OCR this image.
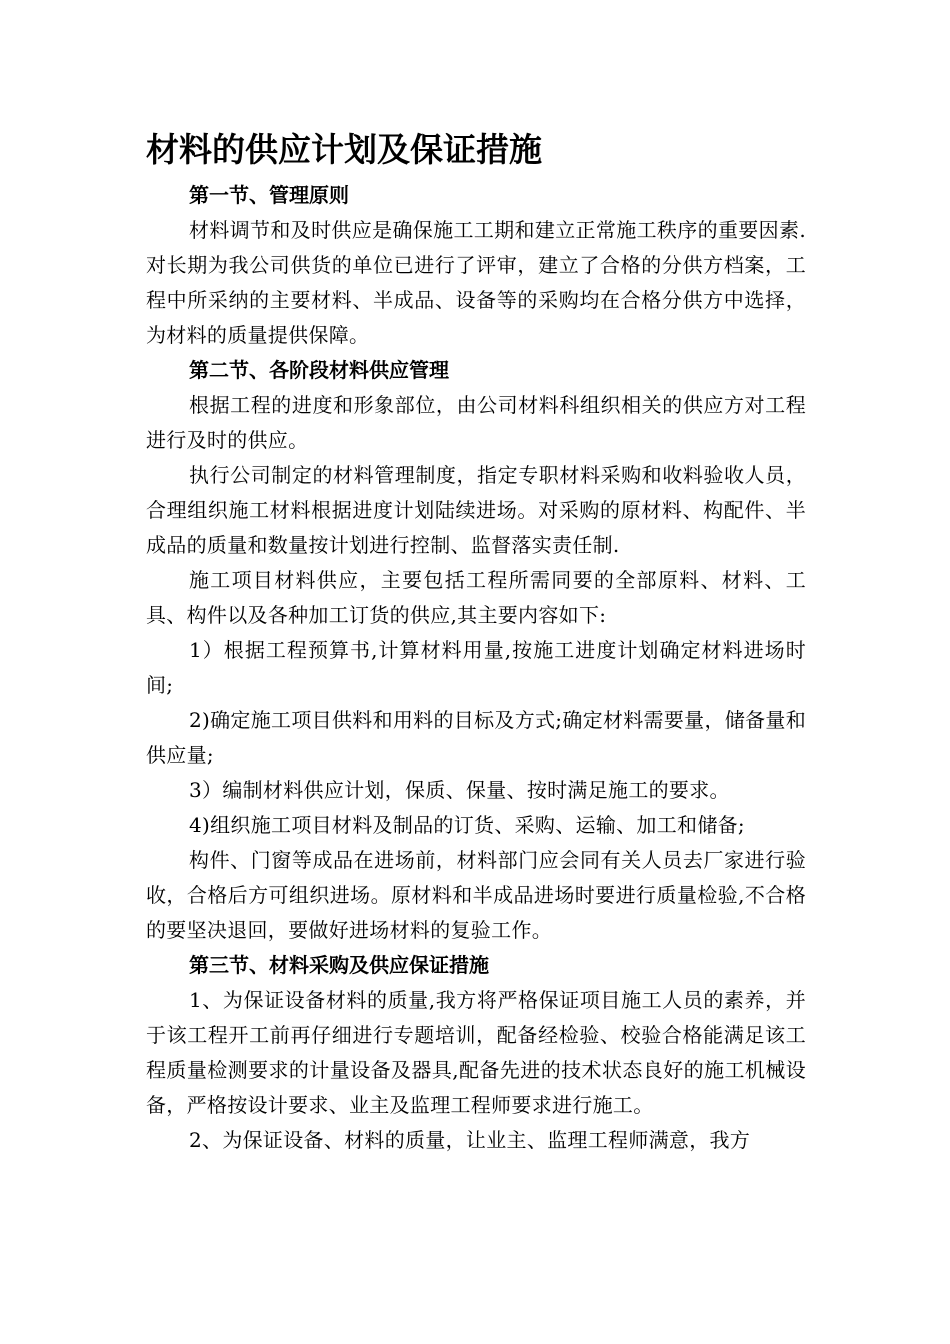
材料的供应计划及保证措施
第一节、管理原则

材料调节和及时供应是确保施工工期和建立正常施工秩序的重要因素.对长期为我公司供货的单位已进行了评审，建立了合格的分供方档案，工程中所采纳的主要材料、半成品、设备等的采购均在合格分供方中选择，为材料的质量提供保障。

第二节、各阶段材料供应管理

根据工程的进度和形象部位，由公司材料科组织相关的供应方对工程进行及时的供应。

执行公司制定的材料管理制度，指定专职材料采购和收料验收人员，合理组织施工材料根据进度计划陆续进场。对采购的原材料、构配件、半成品的质量和数量按计划进行控制、监督落实责任制.

施工项目材料供应，主要包括工程所需同要的全部原料、材料、工具、构件以及各种加工订货的供应,其主要内容如下:

1）根据工程预算书,计算材料用量,按施工进度计划确定材料进场时间;

2)确定施工项目供料和用料的目标及方式;确定材料需要量，储备量和供应量;

3）编制材料供应计划，保质、保量、按时满足施工的要求。

4)组织施工项目材料及制品的订货、采购、运输、加工和储备;

构件、门窗等成品在进场前，材料部门应会同有关人员去厂家进行验收，合格后方可组织进场。原材料和半成品进场时要进行质量检验,不合格的要坚决退回，要做好进场材料的复验工作。

第三节、材料采购及供应保证措施

1、为保证设备材料的质量,我方将严格保证项目施工人员的素养，并于该工程开工前再仔细进行专题培训，配备经检验、校验合格能满足该工程质量检测要求的计量设备及器具,配备先进的技术状态良好的施工机械设备，严格按设计要求、业主及监理工程师要求进行施工。

2、为保证设备、材料的质量，让业主、监理工程师满意，我方
